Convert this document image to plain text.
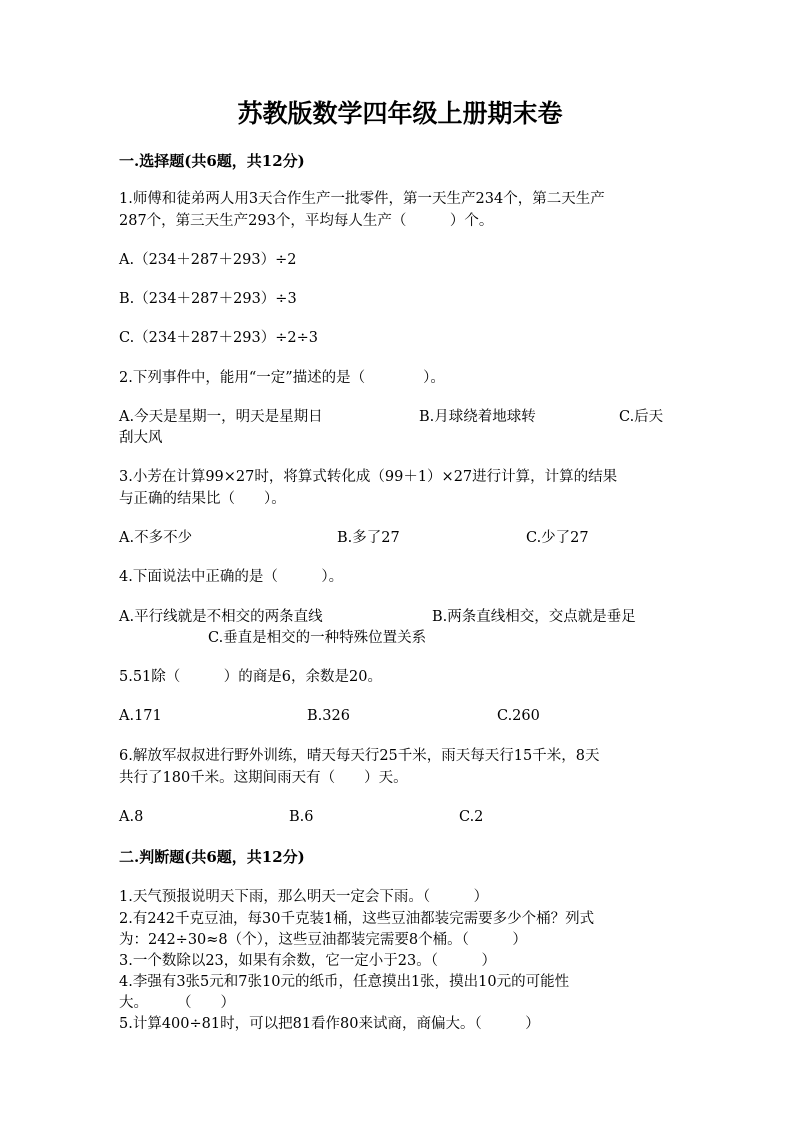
苏教版数学四年级上册期末卷
一.选择题(共6题，共12分)
1.师傅和徒弟两人用3天合作生产一批零件，第一天生产234个，第二天生产
287个，第三天生产293个，平均每人生产（　　　）个。
A.（234＋287＋293）÷2
B.（234＋287＋293）÷3
C.（234＋287＋293）÷2÷3
2.下列事件中，能用“一定”描述的是（　　　　）。
A.今天是星期一，明天是星期日	B.月球绕着地球转	C.后天
刮大风
3.小芳在计算99×27时，将算式转化成（99＋1）×27进行计算，计算的结果
与正确的结果比（　　）。
A.不多不少	B.多了27	C.少了27
4.下面说法中正确的是（　　　）。
A.平行线就是不相交的两条直线	B.两条直线相交，交点就是垂足
C.垂直是相交的一种特殊位置关系
5.51除（　　　）的商是6，余数是20。
A.171	B.326	C.260
6.解放军叔叔进行野外训练，晴天每天行25千米，雨天每天行15千米，8天
共行了180千米。这期间雨天有（　　）天。
A.8	B.6	C.2
二.判断题(共6题，共12分)
1.天气预报说明天下雨，那么明天一定会下雨。（　　　）
2.有242千克豆油，每30千克装1桶，这些豆油都装完需要多少个桶？列式
为：242÷30≈8（个），这些豆油都装完需要8个桶。（　　　）
3.一个数除以23，如果有余数，它一定小于23。（　　　）
4.李强有3张5元和7张10元的纸币，任意摸出1张，摸出10元的可能性
大。　　　（　　）
5.计算400÷81时，可以把81看作80来试商，商偏大。（　　　）
